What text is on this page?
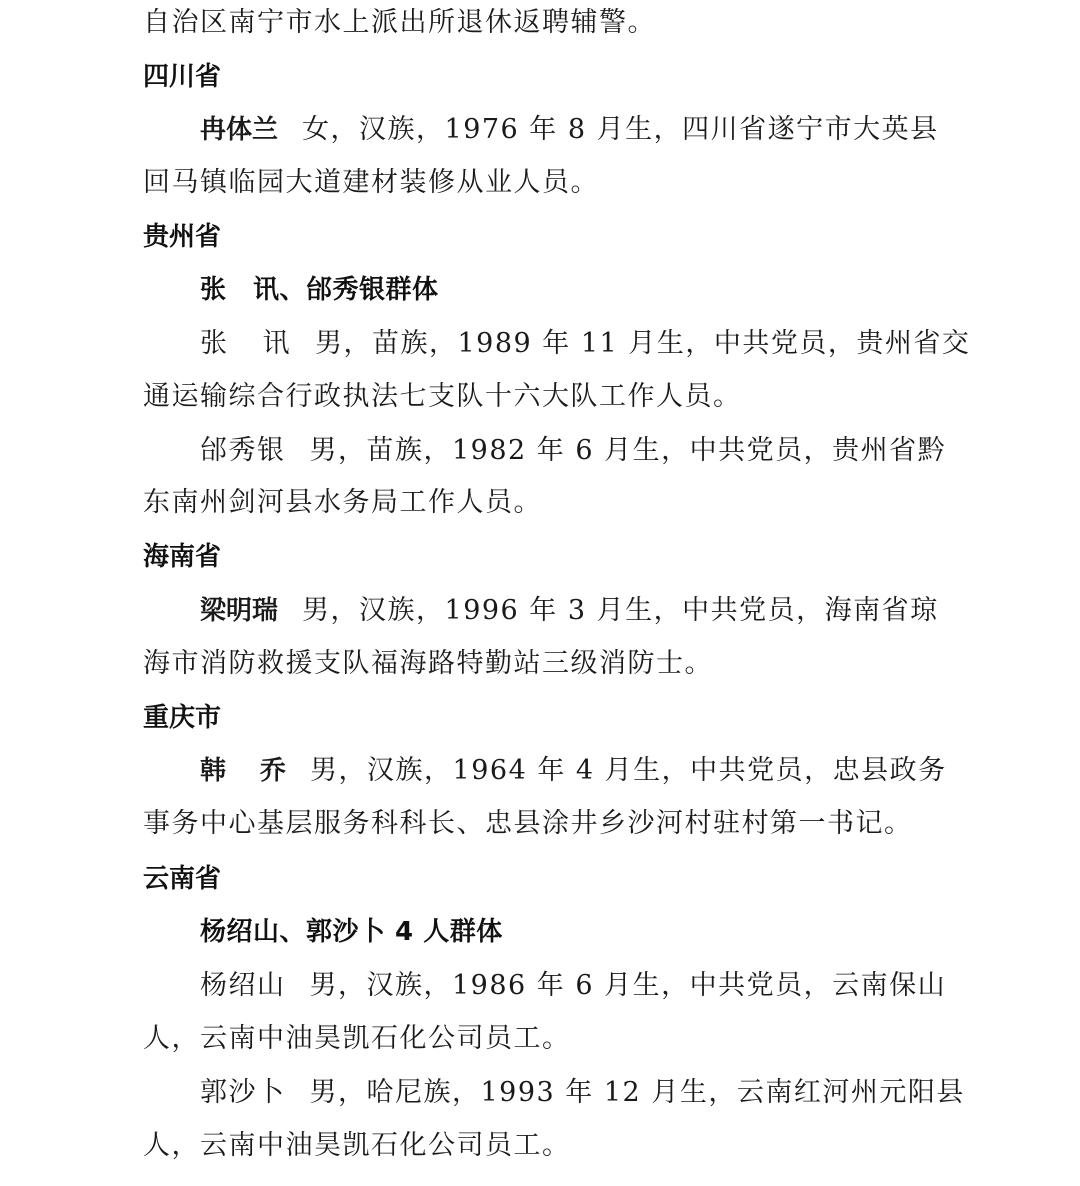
自治区南宁市水上派出所退休返聘辅警。
四川省
冉体兰 女，汉族，1976 年 8 月生，四川省遂宁市大英县
回马镇临园大道建材装修从业人员。
贵州省
张　讯、邰秀银群体
张 讯 男，苗族，1989 年 11 月生，中共党员，贵州省交
通运输综合行政执法七支队十六大队工作人员。
邰秀银 男，苗族，1982 年 6 月生，中共党员，贵州省黔
东南州剑河县水务局工作人员。
海南省
梁明瑞 男，汉族，1996 年 3 月生，中共党员，海南省琼
海市消防救援支队福海路特勤站三级消防士。
重庆市
韩 乔 男，汉族，1964 年 4 月生，中共党员，忠县政务
事务中心基层服务科科长、忠县涂井乡沙河村驻村第一书记。
云南省
杨绍山、郭沙卜 4 人群体
杨绍山 男，汉族，1986 年 6 月生，中共党员，云南保山
人，云南中油昊凯石化公司员工。
郭沙卜 男，哈尼族，1993 年 12 月生，云南红河州元阳县
人，云南中油昊凯石化公司员工。
